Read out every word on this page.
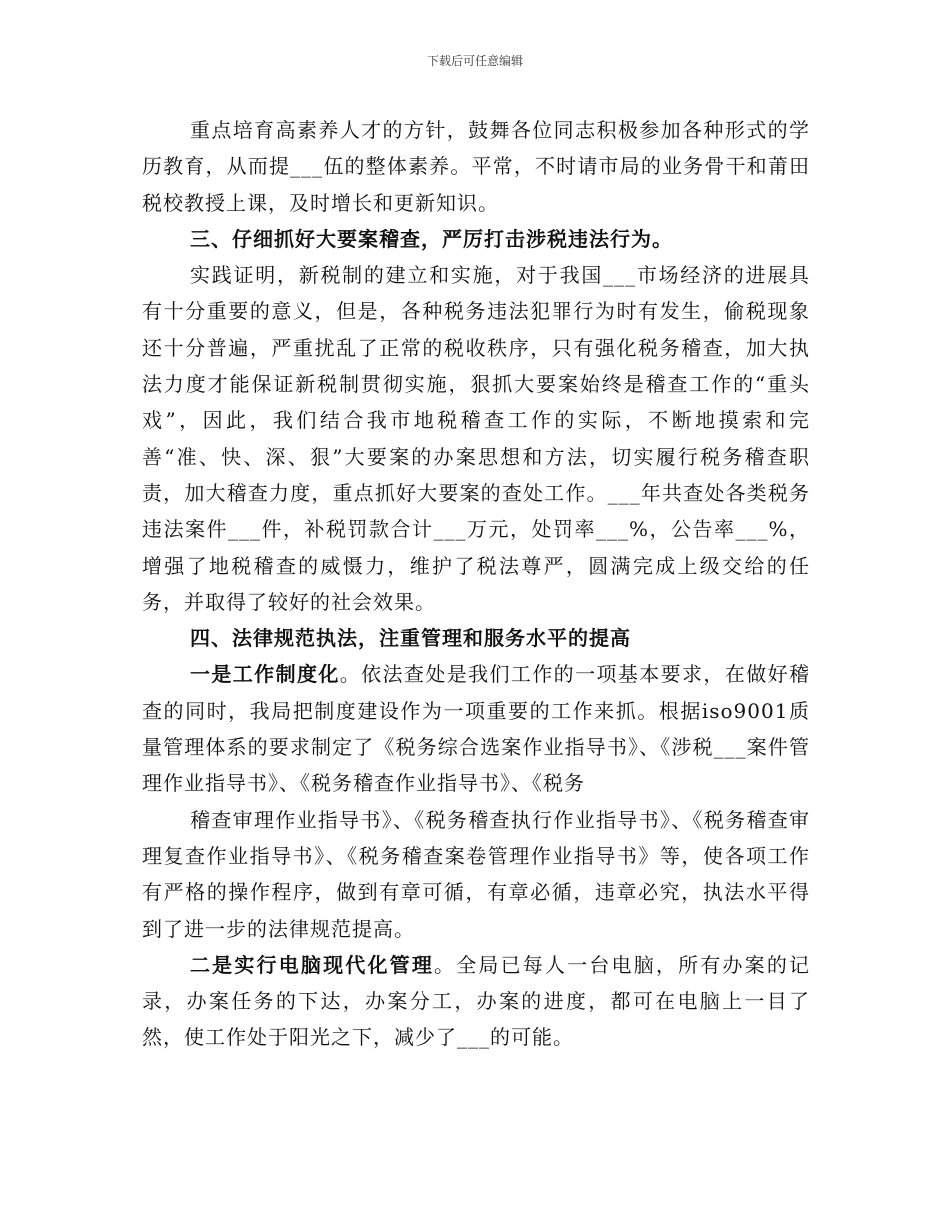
下载后可任意编辑

重点培育高素养人才的方针，鼓舞各位同志积极参加各种形式的学历教育，从而提___伍的整体素养。平常，不时请市局的业务骨干和莆田税校教授上课，及时增长和更新知识。

三、仔细抓好大要案稽查，严厉打击涉税违法行为。

实践证明，新税制的建立和实施，对于我国___市场经济的进展具有十分重要的意义，但是，各种税务违法犯罪行为时有发生，偷税现象还十分普遍，严重扰乱了正常的税收秩序，只有强化税务稽查，加大执法力度才能保证新税制贯彻实施，狠抓大要案始终是稽查工作的“重头戏”，因此，我们结合我市地税稽查工作的实际，不断地摸索和完善“准、快、深、狠”大要案的办案思想和方法，切实履行税务稽查职责，加大稽查力度，重点抓好大要案的查处工作。___年共查处各类税务违法案件___件，补税罚款合计___万元，处罚率___%，公告率___%，增强了地税稽查的威慑力，维护了税法尊严，圆满完成上级交给的任务，并取得了较好的社会效果。

四、法律规范执法，注重管理和服务水平的提高

一是工作制度化。依法查处是我们工作的一项基本要求，在做好稽查的同时，我局把制度建设作为一项重要的工作来抓。根据iso9001质量管理体系的要求制定了《税务综合选案作业指导书》、《涉税___案件管理作业指导书》、《税务稽查作业指导书》、《税务

稽查审理作业指导书》、《税务稽查执行作业指导书》、《税务稽查审理复查作业指导书》、《税务稽查案卷管理作业指导书》等，使各项工作有严格的操作程序，做到有章可循，有章必循，违章必究，执法水平得到了进一步的法律规范提高。

二是实行电脑现代化管理。全局已每人一台电脑，所有办案的记录，办案任务的下达，办案分工，办案的进度，都可在电脑上一目了然，使工作处于阳光之下，减少了___的可能。
